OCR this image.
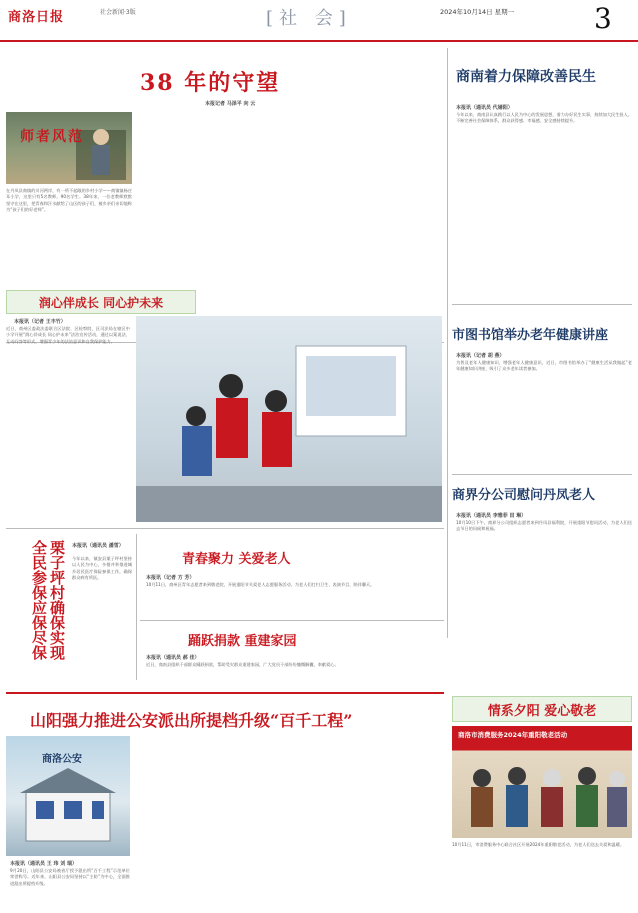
商洛日报	社会新闻·3版	[社 会]	2024年10月14日 星期一	3
38 年的守望
本报记者 马泽平 向 云
师者风范
在丹凤县商镇的川河两岸，有一所不起眼的乡村小学——商镇镇杨庄耳小学，这里只有5名教师，90名学生。38年来，一位老教师默默坚守在这里，把青春和汗水献给了山区的孩子们，被乡亲们亲切地称为“孩子们的好老师”。
商南着力保障改善民生
本报讯（通讯员 代婧阳）
今年以来，商南县认真践行以人民为中心的发展思想，着力办好民生实事，持续加大民生投入，不断完善社会保障体系，群众获得感、幸福感、安全感持续提升。
市图书馆举办老年健康讲座
本报讯（记者 胡 燕）
为普及老年人健康知识，增强老年人健康意识，近日，市图书馆举办了“健康生活从我做起”老年健康知识讲座，吸引了众多老年读者参加。
商界分公司慰问丹凤老人
本报讯（通讯员 李雅菲 田 琳）
10月10日下午，商界分公司组织志愿者来到丹凤县福利院，开展重阳节慰问活动，为老人们送去节日的问候和祝福。
润心伴成长 同心护未来
本报讯（记者 王丰竹）
近日，商州区委政法委联合区法院、区检察院、区司法局在辖区中小学开展“润心伴成长 同心护未来”法治宣传活动，通过以案说法、互动问答等形式，增强青少年的法治意识和自我保护能力。
栗子坪村确保实现全民参保应保尽保	本报讯（通讯员 潘雪）
今年以来，镇安县栗子坪村坚持以人民为中心，多措并举推进城乡居民医疗保险参保工作，确保群众病有所医。
青春聚力 关爱老人
本报讯（记者 方 芳）
10月11日，商州区青年志愿者来到敬老院，开展重阳节关爱老人志愿服务活动，为老人们打扫卫生、表演节目、陪伴聊天。
踊跃捐款 重建家园
本报讯（通讯员 郝 佳）
近日，商南县组织干部群众踊跃捐款，帮助受灾群众重建家园，广大党员干部纷纷慷慨解囊，奉献爱心。
山阳强力推进公安派出所提档升级“百千工程”
商洛公安
本报讯（通讯员 王 玮 刘 瑞）
9月20日，山阳县公安局被省厅授予派出所“百千工程”示范单位荣誉称号。近年来，山阳县公安局坚持以“主防”为中心，全面推进派出所提档升级。
情系夕阳 爱心敬老
商洛市消费服务2024年重阳敬老活动
10月11日，市消费服务中心联合社区开展2024年重阳敬老活动，为老人们送去关爱和温暖。
